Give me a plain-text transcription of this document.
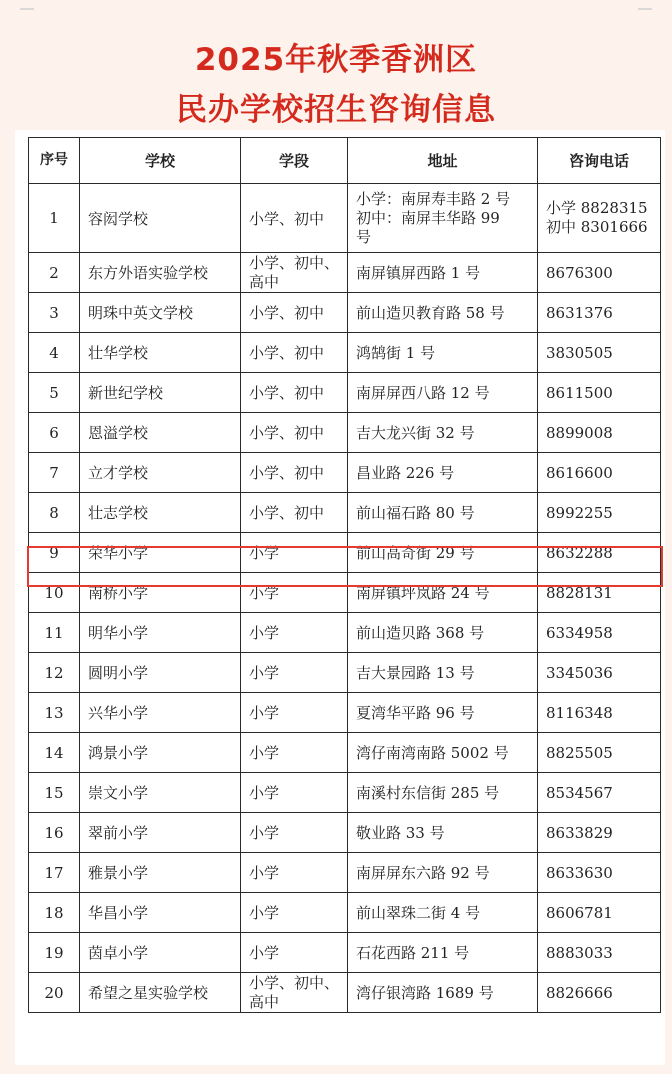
2025年秋季香洲区
民办学校招生咨询信息
序号	学校	学段	地址	咨询电话
1	容闳学校	小学、初中	小学：南屏寿丰路 2 号
初中：南屏丰华路 99
号	小学 8828315
初中 8301666

2	东方外语实验学校	小学、初中、
高中	南屏镇屏西路 1 号	8676300
3	明珠中英文学校	小学、初中	前山造贝教育路 58 号	8631376
4	壮华学校	小学、初中	鸿鹄街 1 号	3830505
5	新世纪学校	小学、初中	南屏屏西八路 12 号	8611500
6	恩溢学校	小学、初中	吉大龙兴街 32 号	8899008
7	立才学校	小学、初中	昌业路 226 号	8616600
8	壮志学校	小学、初中	前山福石路 80 号	8992255
9	荣华小学	小学	前山高奇街 29 号	8632288
10	南桥小学	小学	南屏镇坪岚路 24 号	8828131
11	明华小学	小学	前山造贝路 368 号	6334958
12	圆明小学	小学	吉大景园路 13 号	3345036
13	兴华小学	小学	夏湾华平路 96 号	8116348
14	鸿景小学	小学	湾仔南湾南路 5002 号	8825505
15	崇文小学	小学	南溪村东信街 285 号	8534567
16	翠前小学	小学	敬业路 33 号	8633829
17	雅景小学	小学	南屏屏东六路 92 号	8633630
18	华昌小学	小学	前山翠珠二街 4 号	8606781
19	茵卓小学	小学	石花西路 211 号	8883033
20	希望之星实验学校	小学、初中、
高中	湾仔银湾路 1689 号	8826666
